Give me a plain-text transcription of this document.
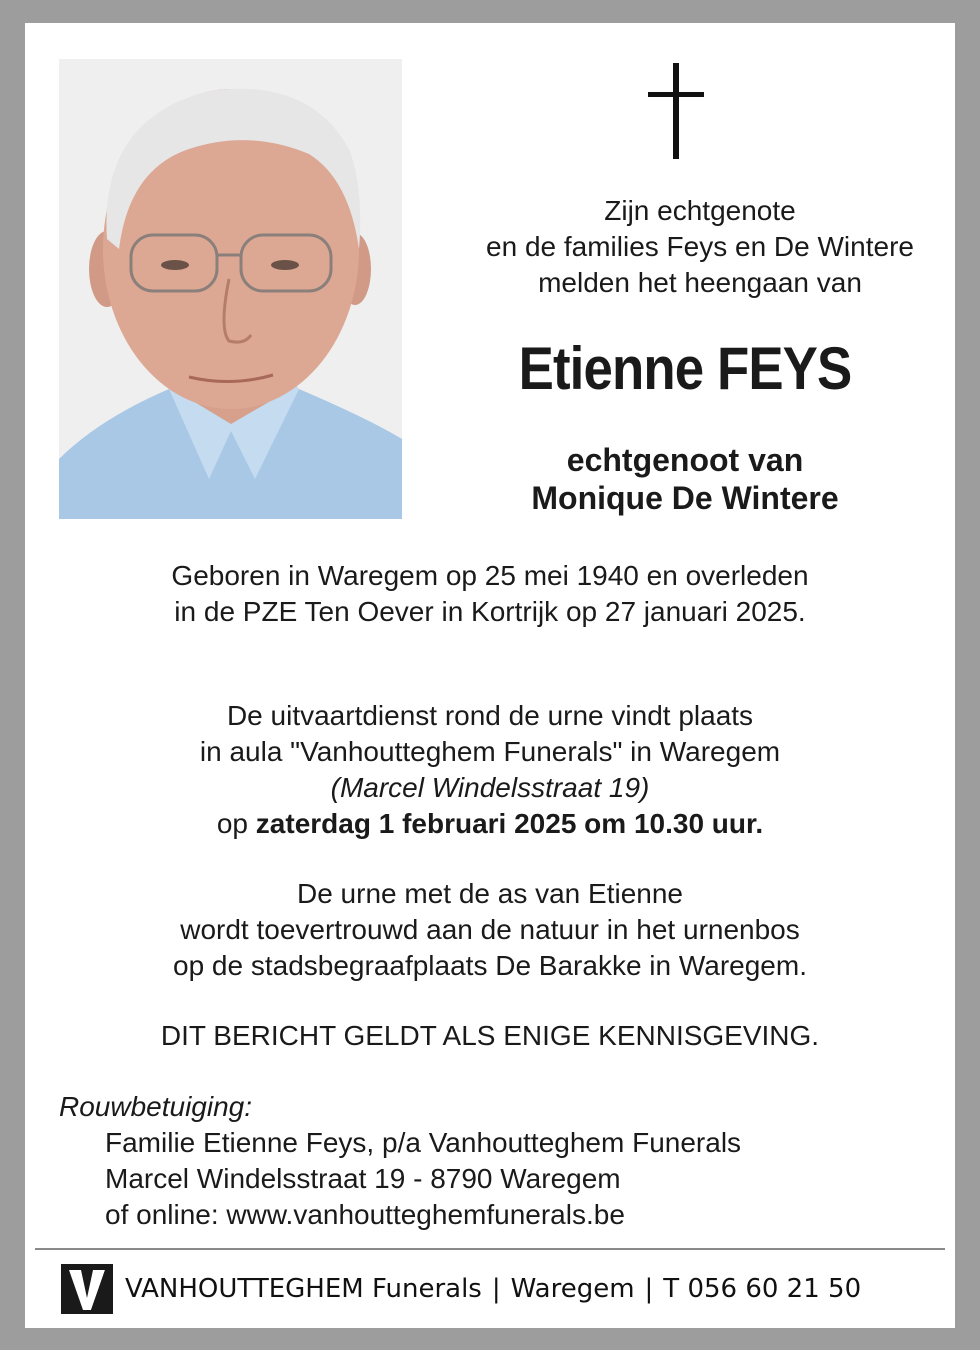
Zijn echtgenote
en de families Feys en De Wintere
melden het heengaan van
Etienne FEYS
echtgenoot van
Monique De Wintere
Geboren in Waregem op 25 mei 1940 en overleden
in de PZE Ten Oever in Kortrijk op 27 januari 2025.
De uitvaartdienst rond de urne vindt plaats
in aula "Vanhoutteghem Funerals" in Waregem
(Marcel Windelsstraat 19)
op zaterdag 1 februari 2025 om 10.30 uur.
De urne met de as van Etienne
wordt toevertrouwd aan de natuur in het urnenbos
op de stadsbegraafplaats De Barakke in Waregem.
DIT BERICHT GELDT ALS ENIGE KENNISGEVING.
Rouwbetuiging:
Familie Etienne Feys, p/a Vanhoutteghem Funerals
Marcel Windelsstraat 19 - 8790 Waregem
of online: www.vanhoutteghemfunerals.be
VANHOUTTEGHEM Funerals | Waregem | T 056 60 21 50
